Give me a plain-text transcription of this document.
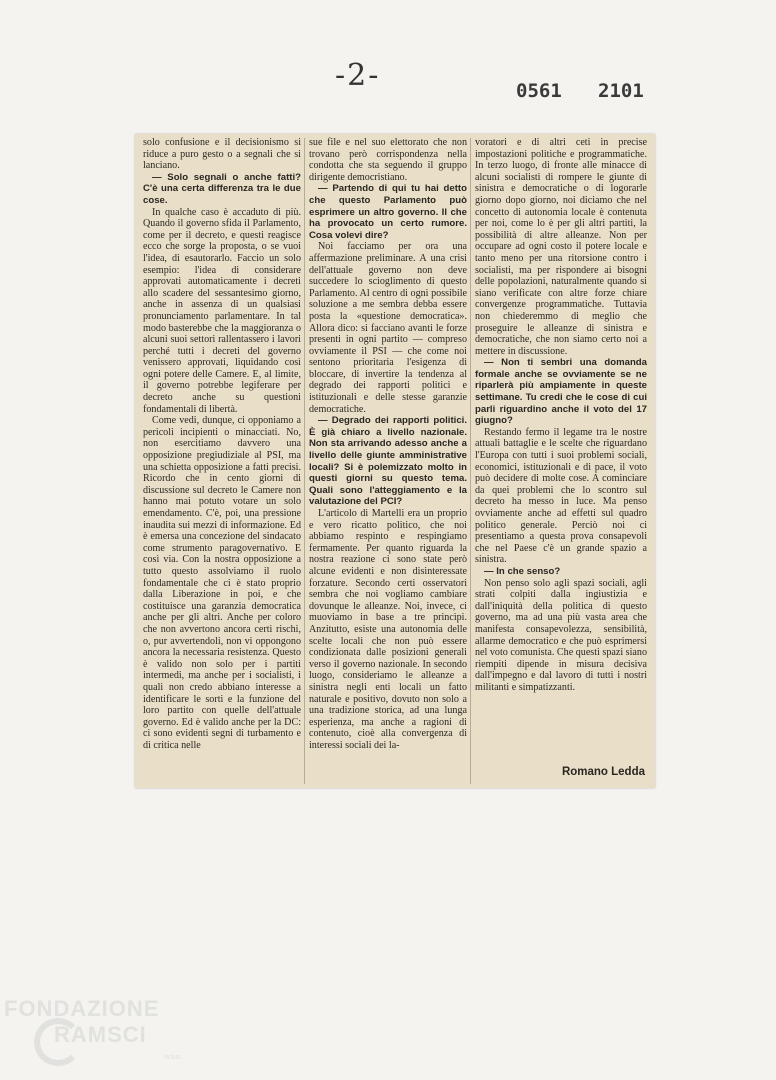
-2-	0561 2101

solo confusione e il decisionismo si riduce a puro gesto o a segnali che si lanciano.

— Solo segnali o anche fatti? C'è una certa differenza tra le due cose.

In qualche caso è accaduto di più. Quando il governo sfida il Parlamento, come per il decreto, e questi reagisce ecco che sorge la proposta, o se vuoi l'idea, di esautorarlo. Faccio un solo esempio: l'idea di considerare approvati automaticamente i decreti allo scadere del sessantesimo giorno, anche in assenza di un qualsiasi pronunciamento parlamentare. In tal modo basterebbe che la maggioranza o alcuni suoi settori rallentassero i lavori perché tutti i decreti del governo venissero approvati, liquidando così ogni potere delle Camere. E, al limite, il governo potrebbe legiferare per decreto anche su questioni fondamentali di libertà.

Come vedi, dunque, ci opponiamo a pericoli incipienti o minacciati. No, non esercitiamo davvero una opposizione pregiudiziale al PSI, ma una schietta opposizione a fatti precisi. Ricordo che in cento giorni di discussione sul decreto le Camere non hanno mai potuto votare un solo emendamento. C'è, poi, una pressione inaudita sui mezzi di informazione. Ed è emersa una concezione del sindacato come strumento paragovernativo. E così via. Con la nostra opposizione a tutto questo assolviamo il ruolo fondamentale che ci è stato proprio dalla Liberazione in poi, e che costituisce una garanzia democratica anche per gli altri. Anche per coloro che non avvertono ancora certi rischi, o, pur avvertendoli, non vi oppongono ancora la necessaria resistenza. Questo è valido non solo per i partiti intermedi, ma anche per i socialisti, i quali non credo abbiano interesse a identificare le sorti e la funzione del loro partito con quelle dell'attuale governo. Ed è valido anche per la DC: ci sono evidenti segni di turbamento e di critica nelle

sue file e nel suo elettorato che non trovano però corrispondenza nella condotta che sta seguendo il gruppo dirigente democristiano.

— Partendo di qui tu hai detto che questo Parlamento può esprimere un altro governo. Il che ha provocato un certo rumore. Cosa volevi dire?

Noi facciamo per ora una affermazione preliminare. A una crisi dell'attuale governo non deve succedere lo scioglimento di questo Parlamento. Al centro di ogni possibile soluzione a me sembra debba essere posta la «questione democratica». Allora dico: si facciano avanti le forze presenti in ogni partito — compreso ovviamente il PSI — che come noi sentono prioritaria l'esigenza di bloccare, di invertire la tendenza al degrado dei rapporti politici e istituzionali e delle stesse garanzie democratiche.

— Degrado dei rapporti politici. È già chiaro a livello nazionale. Non sta arrivando adesso anche a livello delle giunte amministrative locali? Si è polemizzato molto in questi giorni su questo tema. Quali sono l'atteggiamento e la valutazione del PCI?

L'articolo di Martelli era un proprio e vero ricatto politico, che noi abbiamo respinto e respingiamo fermamente. Per quanto riguarda la nostra reazione ci sono state però alcune evidenti e non disinteressate forzature. Secondo certi osservatori sembra che noi vogliamo cambiare dovunque le alleanze. Noi, invece, ci muoviamo in base a tre princìpi. Anzitutto, esiste una autonomia delle scelte locali che non può essere condizionata dalle posizioni generali verso il governo nazionale. In secondo luogo, consideriamo le alleanze a sinistra negli enti locali un fatto naturale e positivo, dovuto non solo a una tradizione storica, ad una lunga esperienza, ma anche a ragioni di contenuto, cioè alla convergenza di interessi sociali dei la-

voratori e di altri ceti in precise impostazioni politiche e programmatiche. In terzo luogo, di fronte alle minacce di alcuni socialisti di rompere le giunte di sinistra e democratiche o di logorarle giorno dopo giorno, noi diciamo che nel concetto di autonomia locale è contenuta per noi, come lo è per gli altri partiti, la possibilità di altre alleanze. Non per occupare ad ogni costo il potere locale e tanto meno per una ritorsione contro i socialisti, ma per rispondere ai bisogni delle popolazioni, naturalmente quando si siano verificate con altre forze chiare convergenze programmatiche. Tuttavia non chiederemmo di meglio che proseguire le alleanze di sinistra e democratiche, che non siamo certo noi a mettere in discussione.

— Non ti sembri una domanda formale anche se ovviamente se ne riparlerà più ampiamente in queste settimane. Tu credi che le cose di cui parli riguardino anche il voto del 17 giugno?

Restando fermo il legame tra le nostre attuali battaglie e le scelte che riguardano l'Europa con tutti i suoi problemi sociali, economici, istituzionali e di pace, il voto può decidere di molte cose. A cominciare da quei problemi che lo scontro sul decreto ha messo in luce. Ma penso ovviamente anche ad effetti sul quadro politico generale. Perciò noi ci presentiamo a questa prova consapevoli che nel Paese c'è un grande spazio a sinistra.

— In che senso?

Non penso solo agli spazi sociali, agli strati colpiti dalla ingiustizia e dall'iniquità della politica di questo governo, ma ad una più vasta area che manifesta consapevolezza, sensibilità, allarme democratico e che può esprimersi nel voto comunista. Che questi spazi siano riempiti dipende in misura decisiva dall'impegno e dal lavoro di tutti i nostri militanti e simpatizzanti.

Romano Ledda
FONDAZIONE
RAMSCI
onlus
